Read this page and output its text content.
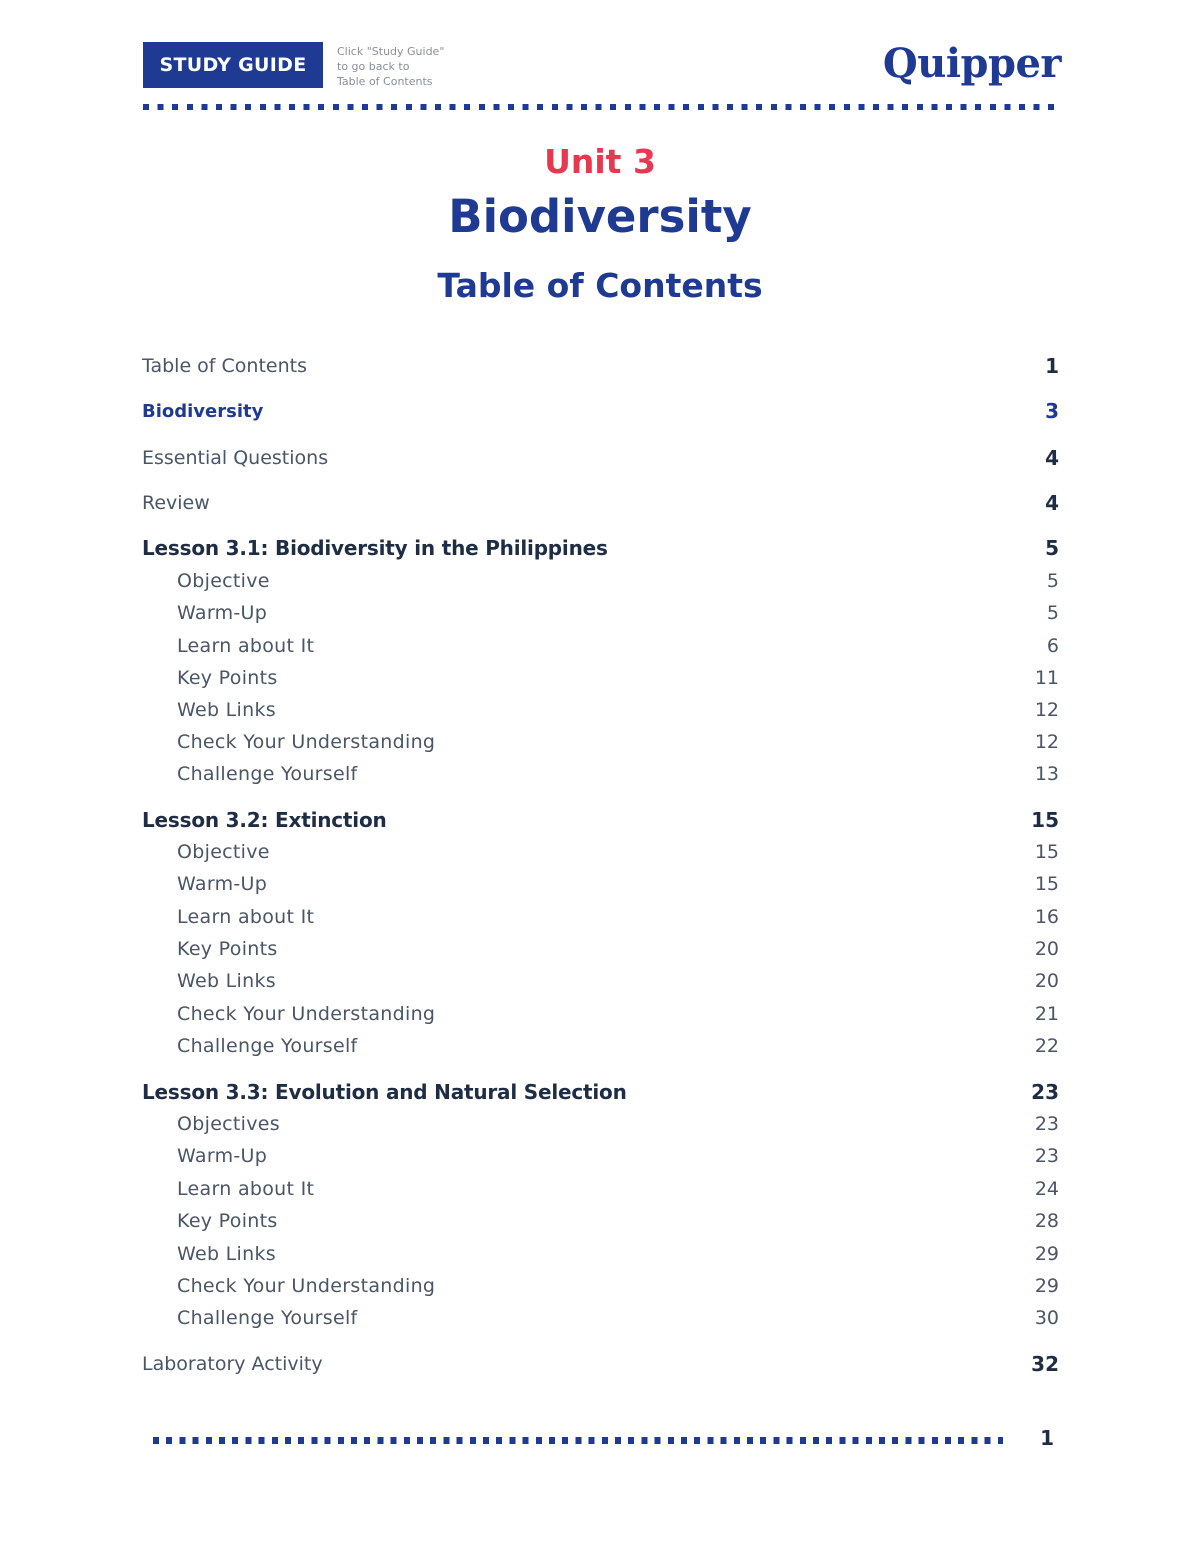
STUDY GUIDE
Click "Study Guide"
to go back to
Table of Contents	Quipper
Unit 3
Biodiversity
Table of Contents
Table of Contents	1
Biodiversity	3
Essential Questions	4
Review	4
Lesson 3.1: Biodiversity in the Philippines	5
Objective	5
Warm-Up	5
Learn about It	6
Key Points	11
Web Links	12
Check Your Understanding	12
Challenge Yourself	13
Lesson 3.2: Extinction	15
Objective	15
Warm-Up	15
Learn about It	16
Key Points	20
Web Links	20
Check Your Understanding	21
Challenge Yourself	22
Lesson 3.3: Evolution and Natural Selection	23
Objectives	23
Warm-Up	23
Learn about It	24
Key Points	28
Web Links	29
Check Your Understanding	29
Challenge Yourself	30
Laboratory Activity	32
1
